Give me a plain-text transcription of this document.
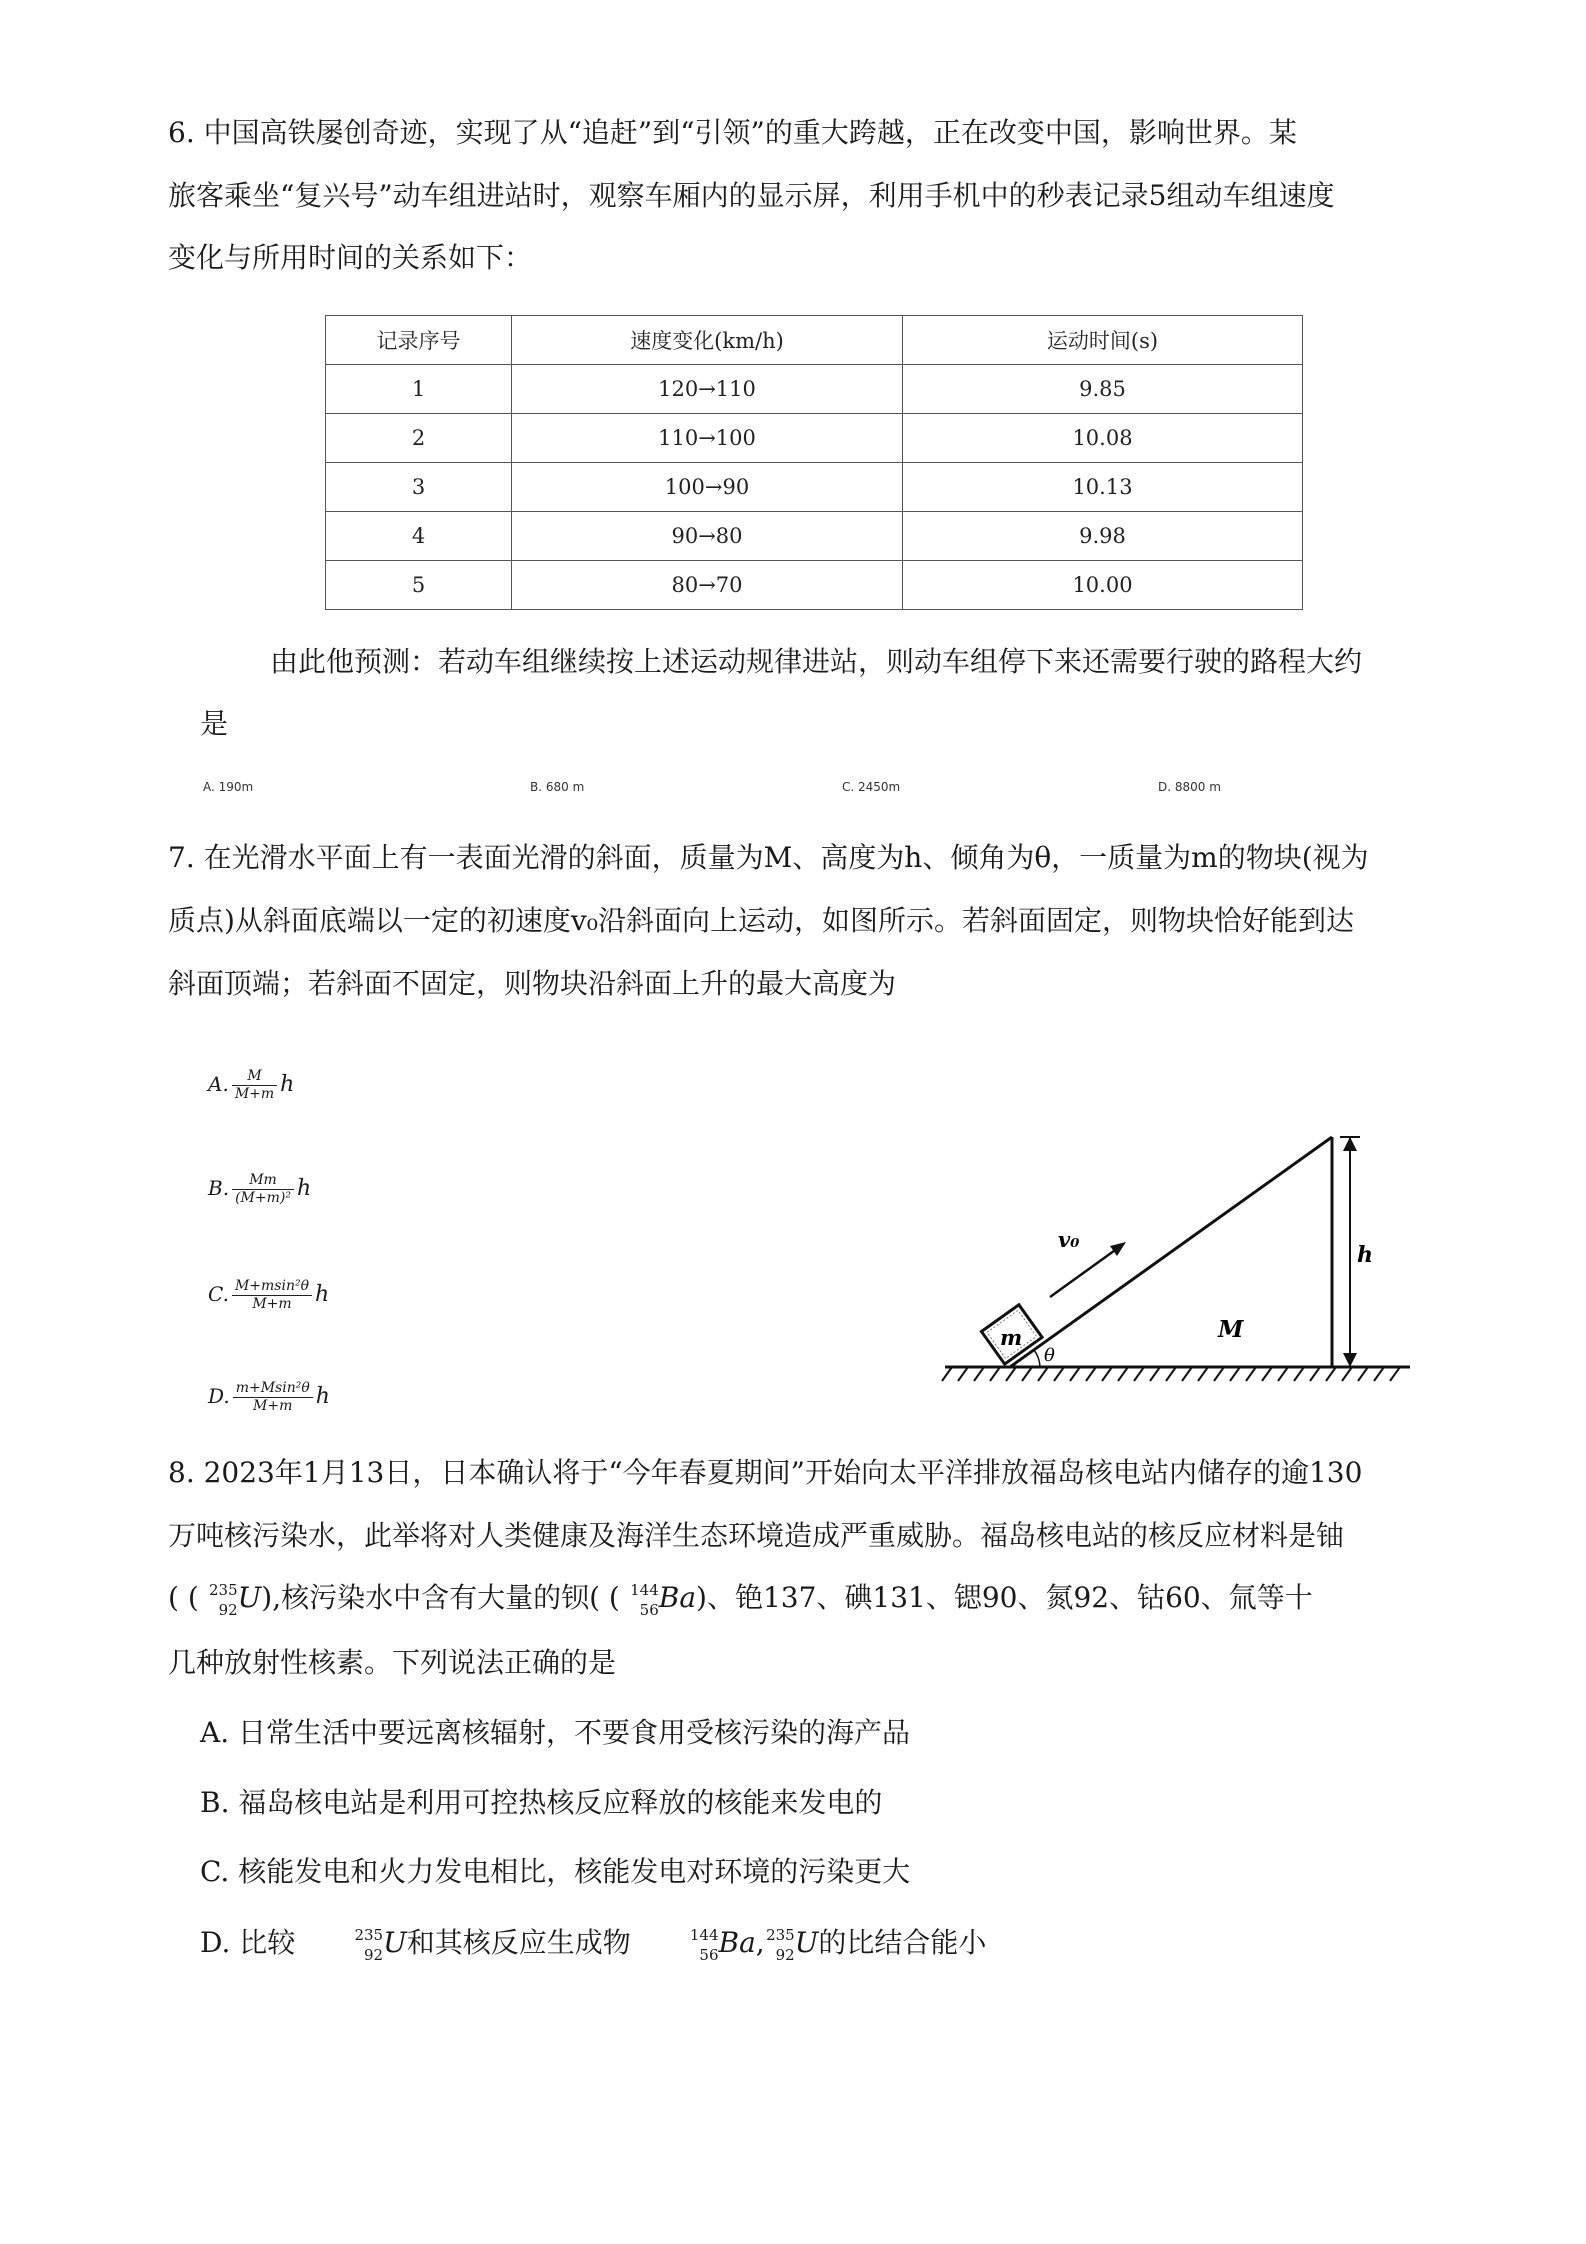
6. 中国高铁屡创奇迹，实现了从“追赶”到“引领”的重大跨越，正在改变中国，影响世界。某
旅客乘坐“复兴号”动车组进站时，观察车厢内的显示屏，利用手机中的秒表记录5组动车组速度
变化与所用时间的关系如下：
记录序号	速度变化(km/h)	运动时间(s)
1	120→110	9.85
2	110→100	10.08
3	100→90	10.13
4	90→80	9.98
5	80→70	10.00
由此他预测：若动车组继续按上述运动规律进站，则动车组停下来还需要行驶的路程大约
是
A. 190m	B. 680 m	C. 2450m	D. 8800 m
7. 在光滑水平面上有一表面光滑的斜面，质量为M、高度为h、倾角为θ，一质量为m的物块(视为
质点)从斜面底端以一定的初速度v₀沿斜面向上运动，如图所示。若斜面固定，则物块恰好能到达
斜面顶端；若斜面不固定，则物块沿斜面上升的最大高度为
A. $\frac{M}{M+m}$ h
B. $\frac{Mm}{\text{(M+m)²}}$ h
C. $\frac{\text{M+msin²θ}}{M+m}$ h
D. $\frac{\text{m+Msin²θ}}{M+m}$ h
h
m
v₀
θ
M
8. 2023年1月13日，日本确认将于“今年春夏期间”开始向太平洋排放福岛核电站内储存的逾130
万吨核污染水，此举将对人类健康及海洋生态环境造成严重威胁。福岛核电站的核反应材料是铀
( ( 235
92 U),核污染水中含有大量的钡( ( 144
56 Ba)、铯137、碘131、锶90、氮92、钴60、氚等十
几种放射性核素。下列说法正确的是
A. 日常生活中要远离核辐射，不要食用受核污染的海产品
B. 福岛核电站是利用可控热核反应释放的核能来发电的
C. 核能发电和火力发电相比，核能发电对环境的污染更大
D. 比较	235
92 U和其核反应生成物	144
56 Ba, 235
92 U的比结合能小
